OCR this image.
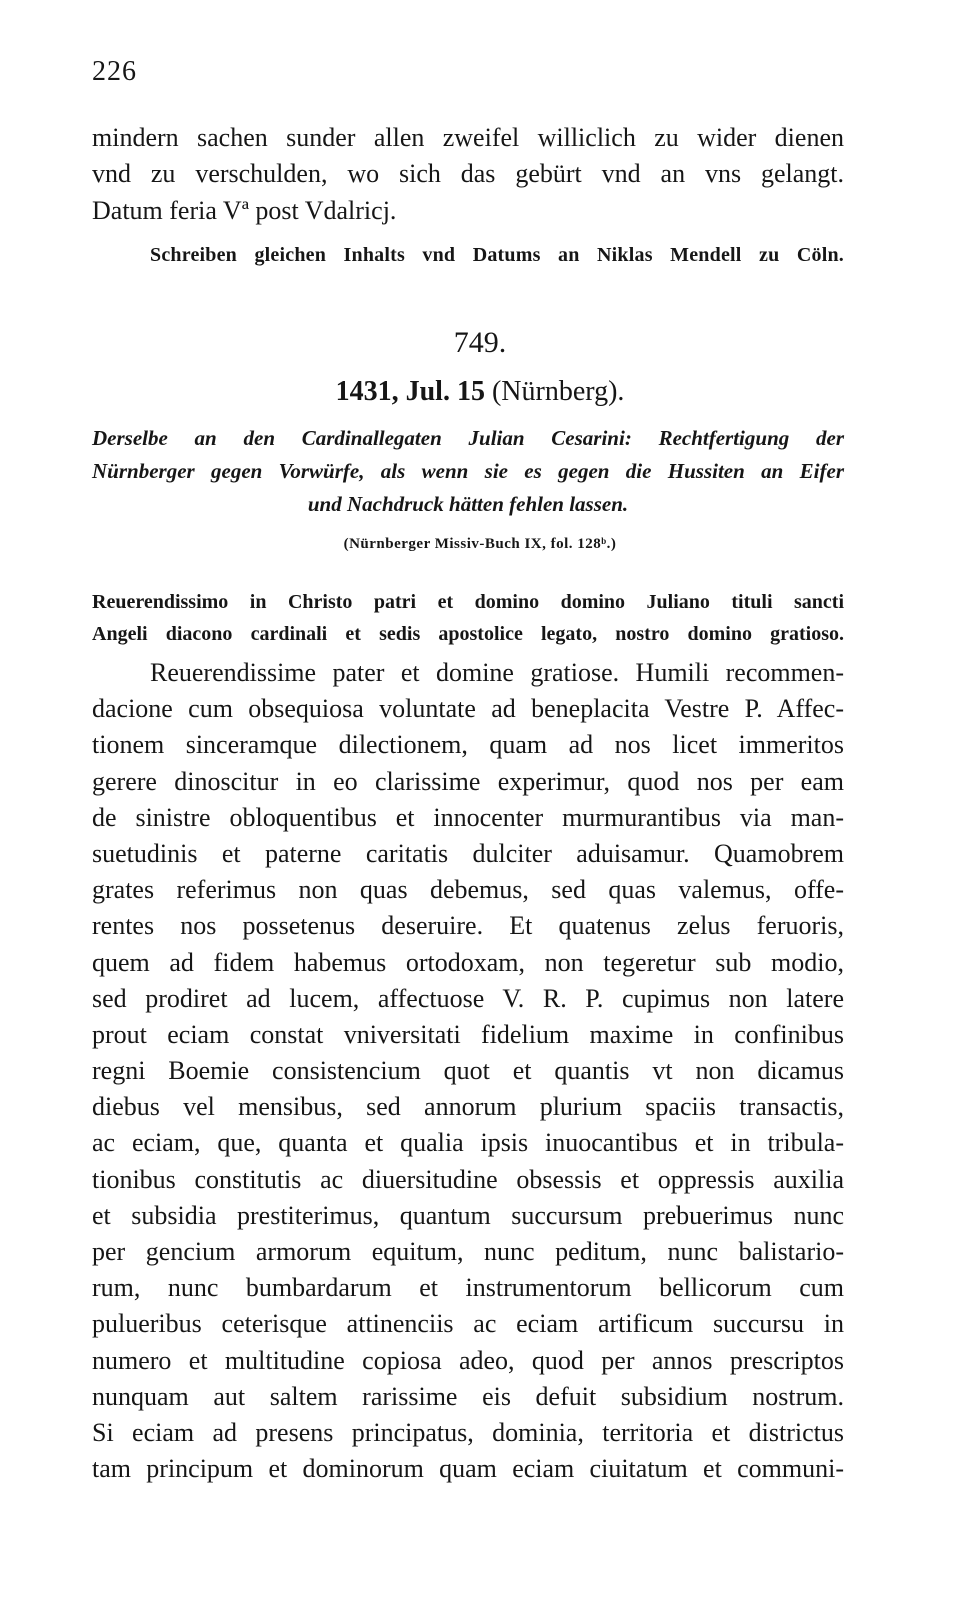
226
mindern sachen sunder allen zweifel williclich zu wider dienen
vnd zu verschulden, wo sich das gebürt vnd an vns gelangt.
Datum feria Vª post Vdalricj.
Schreiben gleichen Inhalts vnd Datums an Niklas Mendell zu Cöln.
749.
1431, Jul. 15 (Nürnberg).
Derselbe an den Cardinallegaten Julian Cesarini: Rechtfertigung der
Nürnberger gegen Vorwürfe, als wenn sie es gegen die Hussiten an Eifer
und Nachdruck hätten fehlen lassen.
(Nürnberger Missiv-Buch IX, fol. 128ᵇ.)
Reuerendissimo in Christo patri et domino domino Juliano tituli sancti
Angeli diacono cardinali et sedis apostolice legato, nostro domino gratioso.
Reuerendissime pater et domine gratiose. Humili recommen-
dacione cum obsequiosa voluntate ad beneplacita Vestre P. Affec-
tionem sinceramque dilectionem, quam ad nos licet immeritos
gerere dinoscitur in eo clarissime experimur, quod nos per eam
de sinistre obloquentibus et innocenter murmurantibus via man-
suetudinis et paterne caritatis dulciter aduisamur. Quamobrem
grates referimus non quas debemus, sed quas valemus, offe-
rentes nos possetenus deseruire. Et quatenus zelus feruoris,
quem ad fidem habemus ortodoxam, non tegeretur sub modio,
sed prodiret ad lucem, affectuose V. R. P. cupimus non latere
prout eciam constat vniversitati fidelium maxime in confinibus
regni Boemie consistencium quot et quantis vt non dicamus
diebus vel mensibus, sed annorum plurium spaciis transactis,
ac eciam, que, quanta et qualia ipsis inuocantibus et in tribula-
tionibus constitutis ac diuersitudine obsessis et oppressis auxilia
et subsidia prestiterimus, quantum succursum prebuerimus nunc
per gencium armorum equitum, nunc peditum, nunc balistario-
rum, nunc bumbardarum et instrumentorum bellicorum cum
pulueribus ceterisque attinenciis ac eciam artificum succursu in
numero et multitudine copiosa adeo, quod per annos prescriptos
nunquam aut saltem rarissime eis defuit subsidium nostrum.
Si eciam ad presens principatus, dominia, territoria et districtus
tam principum et dominorum quam eciam ciuitatum et communi-
